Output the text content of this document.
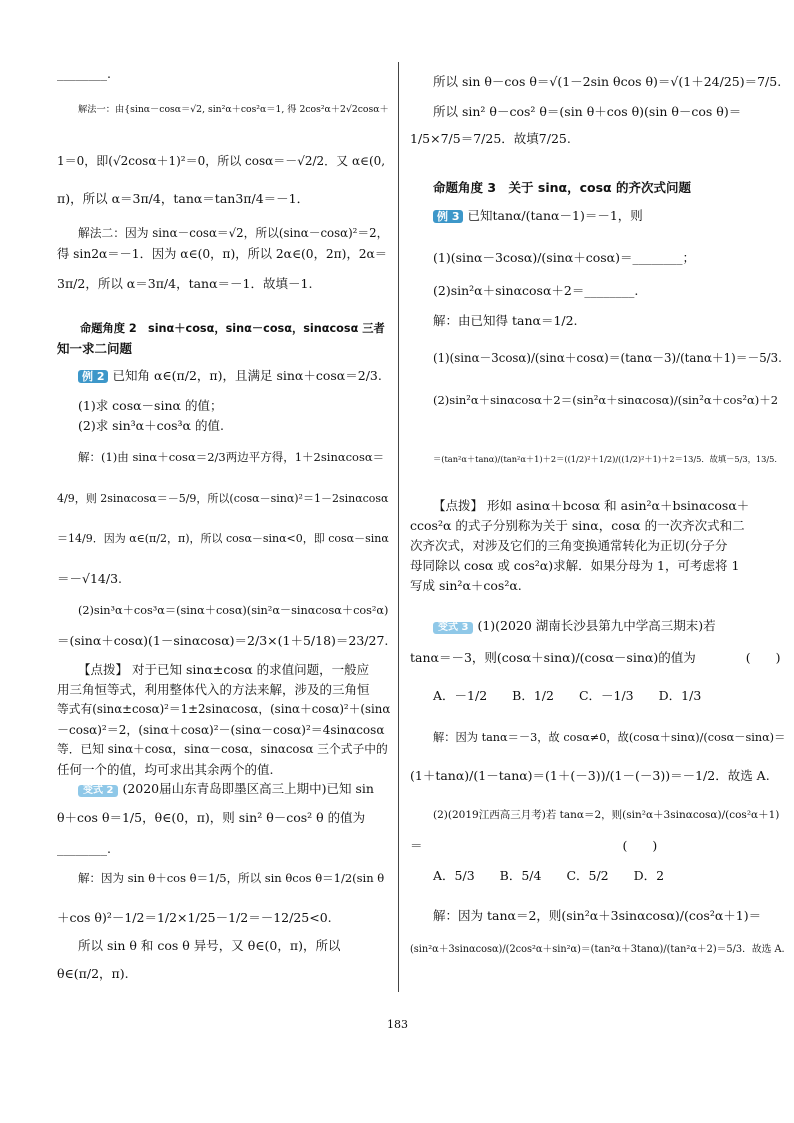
________.
解法一：由{sinα－cosα＝√2, sin²α＋cos²α＝1, 得 2cos²α＋2√2cosα＋
1＝0，即(√2cosα＋1)²＝0，所以 cosα＝－√2/2．又 α∈(0,
π)，所以 α＝3π/4，tanα＝tan3π/4＝－1．
解法二：因为 sinα－cosα＝√2，所以(sinα－cosα)²＝2，
得 sin2α＝－1．因为 α∈(0，π)，所以 2α∈(0，2π)，2α＝
3π/2，所以 α＝3π/4，tanα＝－1．故填－1.
命题角度 2　sinα＋cosα，sinα－cosα，sinαcosα 三者
知一求二问题
例 2 已知角 α∈(π/2，π)，且满足 sinα＋cosα＝2/3.
(1)求 cosα－sinα 的值；
(2)求 sin³α＋cos³α 的值.
解：(1)由 sinα＋cosα＝2/3两边平方得，1＋2sinαcosα＝
4/9，则 2sinαcosα＝－5/9，所以(cosα－sinα)²＝1－2sinαcosα
＝14/9．因为 α∈(π/2，π)，所以 cosα－sinα<0，即 cosα－sinα
＝－√14/3.
(2)sin³α＋cos³α＝(sinα＋cosα)(sin²α－sinαcosα＋cos²α)
＝(sinα＋cosα)(1－sinαcosα)＝2/3×(1＋5/18)＝23/27.
【点拨】 对于已知 sinα±cosα 的求值问题，一般应
用三角恒等式，利用整体代入的方法来解，涉及的三角恒
等式有(sinα±cosα)²＝1±2sinαcosα，(sinα＋cosα)²＋(sinα
－cosα)²＝2，(sinα＋cosα)²－(sinα－cosα)²＝4sinαcosα
等．已知 sinα＋cosα，sinα－cosα，sinαcosα 三个式子中的
任何一个的值，均可求出其余两个的值.
变式 2 (2020届山东青岛即墨区高三上期中)已知 sin
θ＋cos θ＝1/5，θ∈(0，π)，则 sin² θ－cos² θ 的值为
________.
解：因为 sin θ＋cos θ＝1/5，所以 sin θcos θ＝1/2(sin θ
＋cos θ)²－1/2＝1/2×1/25－1/2＝－12/25<0.
所以 sin θ 和 cos θ 异号，又 θ∈(0，π)，所以
θ∈(π/2，π).
所以 sin θ－cos θ＝√(1－2sin θcos θ)＝√(1＋24/25)＝7/5.
所以 sin² θ－cos² θ＝(sin θ＋cos θ)(sin θ－cos θ)＝
1/5×7/5＝7/25．故填7/25.
命题角度 3　关于 sinα，cosα 的齐次式问题
例 3 已知tanα/(tanα－1)＝－1，则
(1)(sinα－3cosα)/(sinα＋cosα)＝________；
(2)sin²α＋sinαcosα＋2＝________.
解：由已知得 tanα＝1/2.
(1)(sinα－3cosα)/(sinα＋cosα)＝(tanα－3)/(tanα＋1)＝－5/3.
(2)sin²α＋sinαcosα＋2＝(sin²α＋sinαcosα)/(sin²α＋cos²α)＋2
＝(tan²α＋tanα)/(tan²α＋1)＋2＝((1/2)²＋1/2)/((1/2)²＋1)＋2＝13/5．故填－5/3，13/5.
【点拨】 形如 asinα＋bcosα 和 asin²α＋bsinαcosα＋
ccos²α 的式子分别称为关于 sinα，cosα 的一次齐次式和二
次齐次式，对涉及它们的三角变换通常转化为正切(分子分
母同除以 cosα 或 cos²α)求解．如果分母为 1，可考虑将 1
写成 sin²α＋cos²α.
变式 3 (1)(2020 湖南长沙县第九中学高三期末)若
tanα＝－3，则(cosα＋sinα)/(cosα－sinα)的值为　　　　(　　)
A．－1/2　　B．1/2　　C．－1/3　　D．1/3
解：因为 tanα＝－3，故 cosα≠0，故(cosα＋sinα)/(cosα－sinα)＝
(1＋tanα)/(1－tanα)＝(1＋(－3))/(1－(－3))＝－1/2．故选 A.
(2)(2019江西高三月考)若 tanα＝2，则(sin²α＋3sinαcosα)/(cos²α＋1)
＝　　　　　　　　　　　　　　　　(　　)
A．5/3　　B．5/4　　C．5/2　　D．2
解：因为 tanα＝2，则(sin²α＋3sinαcosα)/(cos²α＋1)＝
(sin²α＋3sinαcosα)/(2cos²α＋sin²α)＝(tan²α＋3tanα)/(tan²α＋2)＝5/3．故选 A.
183
